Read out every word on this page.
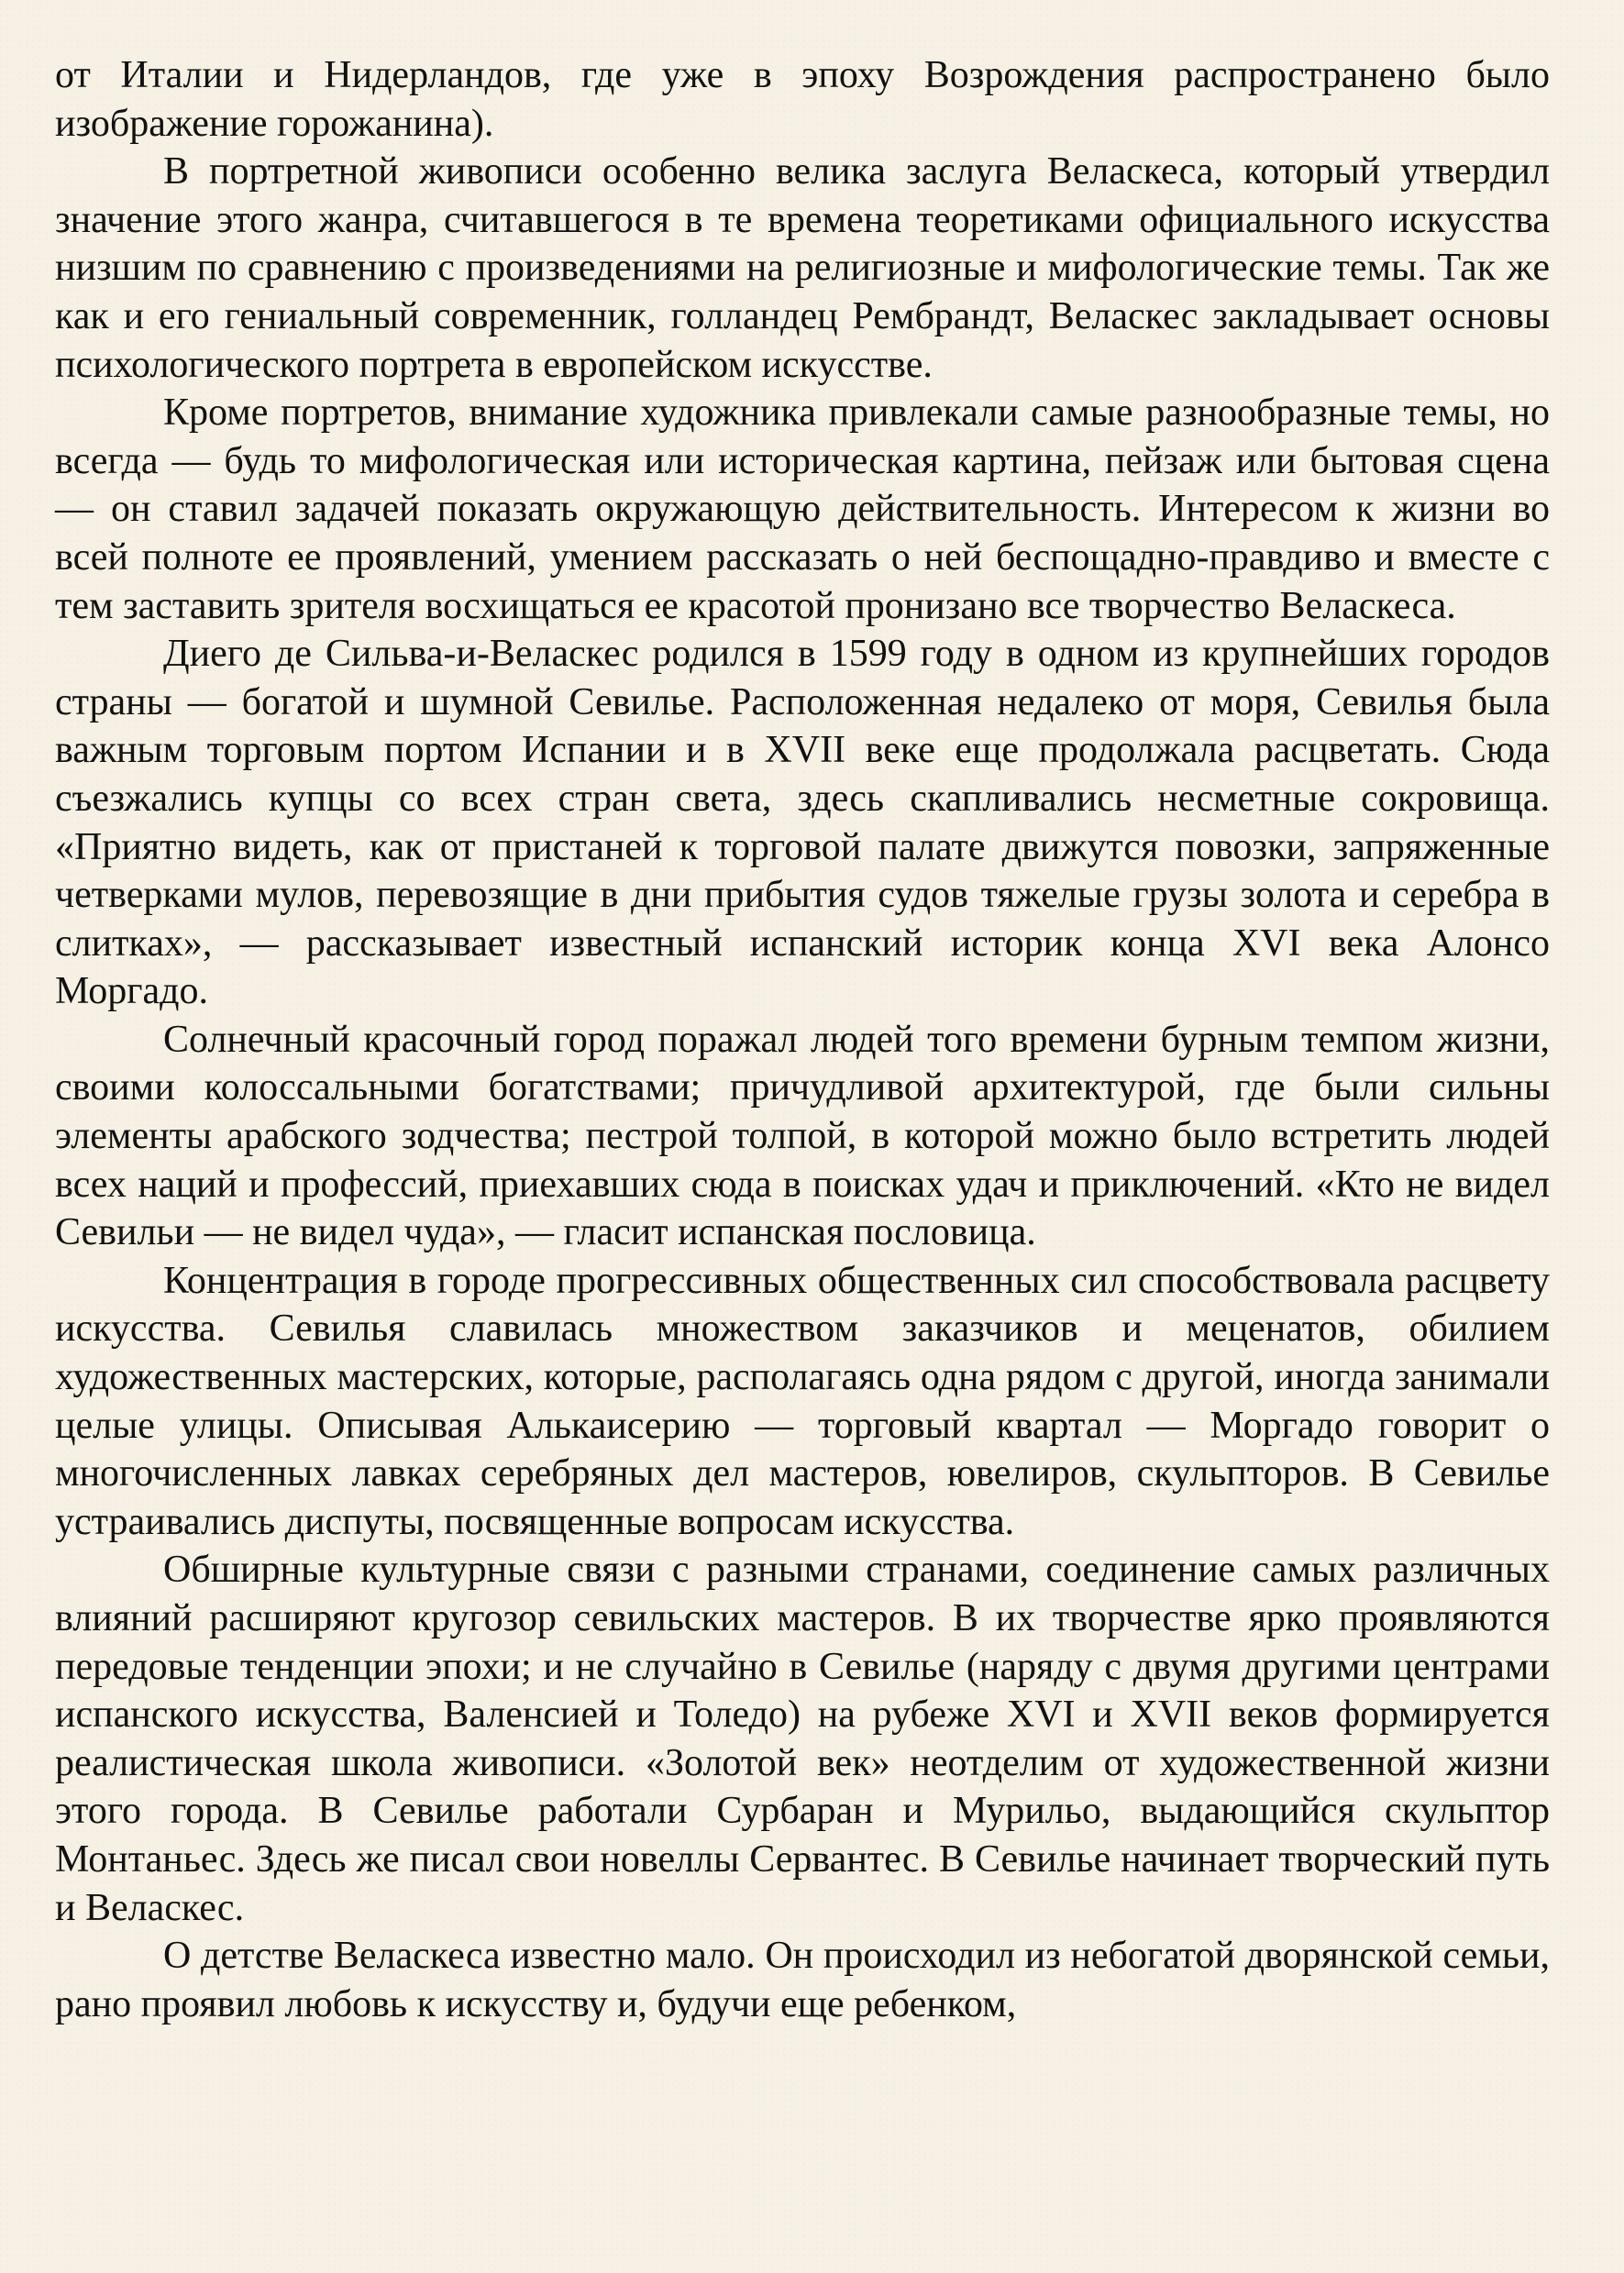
от Италии и Нидерландов, где уже в эпоху Возрождения распространено было изображение горожанина).

В портретной живописи особенно велика заслуга Веласкеса, который утвердил значение этого жанра, считавшегося в те времена теоретиками официального искусства низшим по сравнению с произведениями на религиозные и мифологические темы. Так же как и его гениальный современник, голландец Рембрандт, Веласкес закладывает основы психологического портрета в европейском искусстве.

Кроме портретов, внимание художника привлекали самые разнообразные темы, но всегда — будь то мифологическая или историческая картина, пейзаж или бытовая сцена — он ставил задачей показать окружающую действительность. Интересом к жизни во всей полноте ее проявлений, умением рассказать о ней беспощадно-правдиво и вместе с тем заставить зрителя восхищаться ее красотой пронизано все творчество Веласкеса.

Диего де Сильва-и-Веласкес родился в 1599 году в одном из крупнейших городов страны — богатой и шумной Севилье. Расположенная недалеко от моря, Севилья была важным торговым портом Испании и в XVII веке еще продолжала расцветать. Сюда съезжались купцы со всех стран света, здесь скапливались несметные сокровища. «Приятно видеть, как от пристаней к торговой палате движутся повозки, запряженные четверками мулов, перевозящие в дни прибытия судов тяжелые грузы золота и серебра в слитках», — рассказывает известный испанский историк конца XVI века Алонсо Моргадо.

Солнечный красочный город поражал людей того времени бурным темпом жизни, своими колоссальными богатствами; причудливой архитектурой, где были сильны элементы арабского зодчества; пестрой толпой, в которой можно было встретить людей всех наций и профессий, приехавших сюда в поисках удач и приключений. «Кто не видел Севильи — не видел чуда», — гласит испанская пословица.

Концентрация в городе прогрессивных общественных сил способствовала расцвету искусства. Севилья славилась множеством заказчиков и меценатов, обилием художественных мастерских, которые, располагаясь одна рядом с другой, иногда занимали целые улицы. Описывая Алькаисерию — торговый квартал — Моргадо говорит о многочисленных лавках серебряных дел мастеров, ювелиров, скульпторов. В Севилье устраивались диспуты, посвященные вопросам искусства.

Обширные культурные связи с разными странами, соединение самых различных влияний расширяют кругозор севильских мастеров. В их творчестве ярко проявляются передовые тенденции эпохи; и не случайно в Севилье (наряду с двумя другими центрами испанского искусства, Валенсией и Толедо) на рубеже XVI и XVII веков формируется реалистическая школа живописи. «Золотой век» неотделим от художественной жизни этого города. В Севилье работали Сурбаран и Мурильо, выдающийся скульптор Монтаньес. Здесь же писал свои новеллы Сервантес. В Севилье начинает творческий путь и Веласкес.

О детстве Веласкеса известно мало. Он происходил из небогатой дворянской семьи, рано проявил любовь к искусству и, будучи еще ребенком,
